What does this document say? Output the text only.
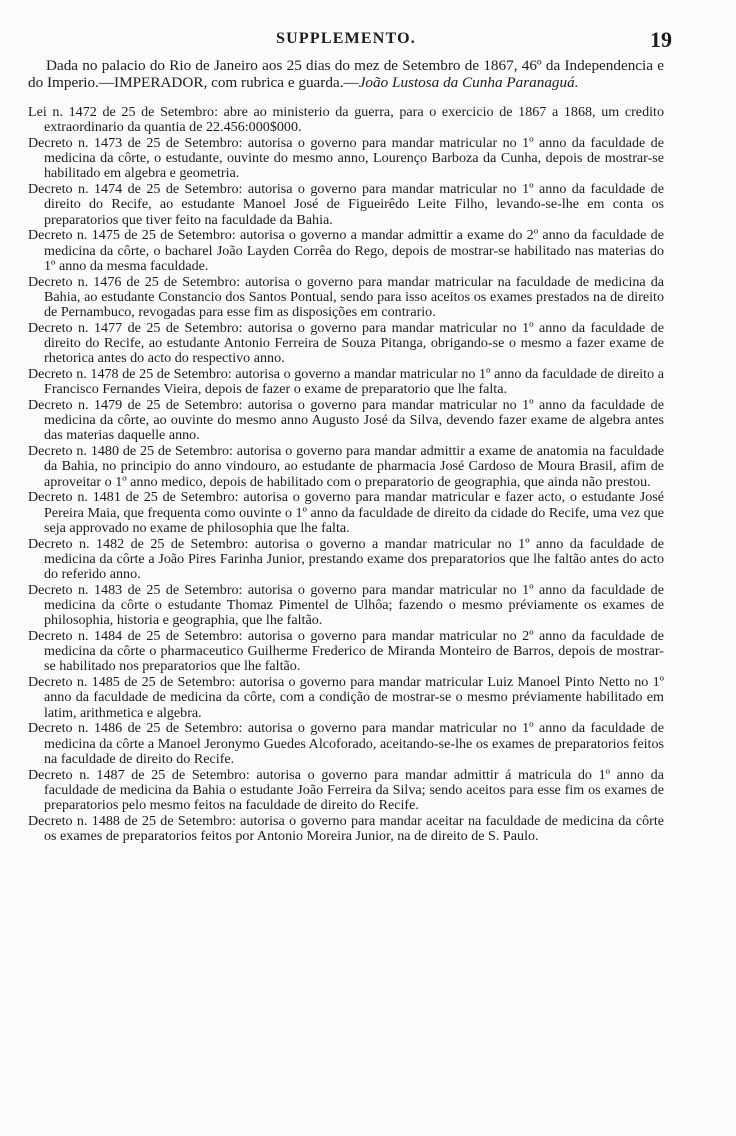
SUPPLEMENTO.	19

Dada no palacio do Rio de Janeiro aos 25 dias do mez de Setembro de 1867, 46º da Independencia e do Imperio.—IMPERADOR, com rubrica e guarda.—João Lustosa da Cunha Paranaguá.

Lei n. 1472 de 25 de Setembro: abre ao ministerio da guerra, para o exercicio de 1867 a 1868, um credito extraordinario da quantia de 22.456:000$000.

Decreto n. 1473 de 25 de Setembro: autorisa o governo para mandar matricular no 1º anno da faculdade de medicina da côrte, o estudante, ouvinte do mesmo anno, Lourenço Barboza da Cunha, depois de mostrar-se habilitado em algebra e geometria.

Decreto n. 1474 de 25 de Setembro: autorisa o governo para mandar matricular no 1º anno da faculdade de direito do Recife, ao estudante Manoel José de Figueirêdo Leite Filho, levando-se-lhe em conta os preparatorios que tiver feito na faculdade da Bahia.

Decreto n. 1475 de 25 de Setembro: autorisa o governo a mandar admittir a exame do 2º anno da faculdade de medicina da côrte, o bacharel João Layden Corrêa do Rego, depois de mostrar-se habilitado nas materias do 1º anno da mesma faculdade.

Decreto n. 1476 de 25 de Setembro: autorisa o governo para mandar matricular na faculdade de medicina da Bahia, ao estudante Constancio dos Santos Pontual, sendo para isso aceitos os exames prestados na de direito de Pernambuco, revogadas para esse fim as disposições em contrario.

Decreto n. 1477 de 25 de Setembro: autorisa o governo para mandar matricular no 1º anno da faculdade de direito do Recife, ao estudante Antonio Ferreira de Souza Pitanga, obrigando-se o mesmo a fazer exame de rhetorica antes do acto do respectivo anno.

Decreto n. 1478 de 25 de Setembro: autorisa o governo a mandar matricular no 1º anno da faculdade de direito a Francisco Fernandes Vieira, depois de fazer o exame de preparatorio que lhe falta.

Decreto n. 1479 de 25 de Setembro: autorisa o governo para mandar matricular no 1º anno da faculdade de medicina da côrte, ao ouvinte do mesmo anno Augusto José da Silva, devendo fazer exame de algebra antes das materias daquelle anno.

Decreto n. 1480 de 25 de Setembro: autorisa o governo para mandar admittir a exame de anatomia na faculdade da Bahia, no principio do anno vindouro, ao estudante de pharmacia José Cardoso de Moura Brasil, afim de aproveitar o 1º anno medico, depois de habilitado com o preparatorio de geographia, que ainda não prestou.

Decreto n. 1481 de 25 de Setembro: autorisa o governo para mandar matricular e fazer acto, o estudante José Pereira Maia, que frequenta como ouvinte o 1º anno da faculdade de direito da cidade do Recife, uma vez que seja approvado no exame de philosophia que lhe falta.

Decreto n. 1482 de 25 de Setembro: autorisa o governo a mandar matricular no 1º anno da faculdade de medicina da côrte a João Pires Farinha Junior, prestando exame dos preparatorios que lhe faltão antes do acto do referido anno.

Decreto n. 1483 de 25 de Setembro: autorisa o governo para mandar matricular no 1º anno da faculdade de medicina da côrte o estudante Thomaz Pimentel de Ulhôa; fazendo o mesmo préviamente os exames de philosophia, historia e geographia, que lhe faltão.

Decreto n. 1484 de 25 de Setembro: autorisa o governo para mandar matricular no 2º anno da faculdade de medicina da côrte o pharmaceutico Guilherme Frederico de Miranda Monteiro de Barros, depois de mostrar-se habilitado nos preparatorios que lhe faltão.

Decreto n. 1485 de 25 de Setembro: autorisa o governo para mandar matricular Luiz Manoel Pinto Netto no 1º anno da faculdade de medicina da côrte, com a condição de mostrar-se o mesmo préviamente habilitado em latim, arithmetica e algebra.

Decreto n. 1486 de 25 de Setembro: autorisa o governo para mandar matricular no 1º anno da faculdade de medicina da côrte a Manoel Jeronymo Guedes Alcoforado, aceitando-se-lhe os exames de preparatorios feitos na faculdade de direito do Recife.

Decreto n. 1487 de 25 de Setembro: autorisa o governo para mandar admittir á matricula do 1º anno da faculdade de medicina da Bahia o estudante João Ferreira da Silva; sendo aceitos para esse fim os exames de preparatorios pelo mesmo feitos na faculdade de direito do Recife.

Decreto n. 1488 de 25 de Setembro: autorisa o governo para mandar aceitar na faculdade de medicina da côrte os exames de preparatorios feitos por Antonio Moreira Junior, na de direito de S. Paulo.
